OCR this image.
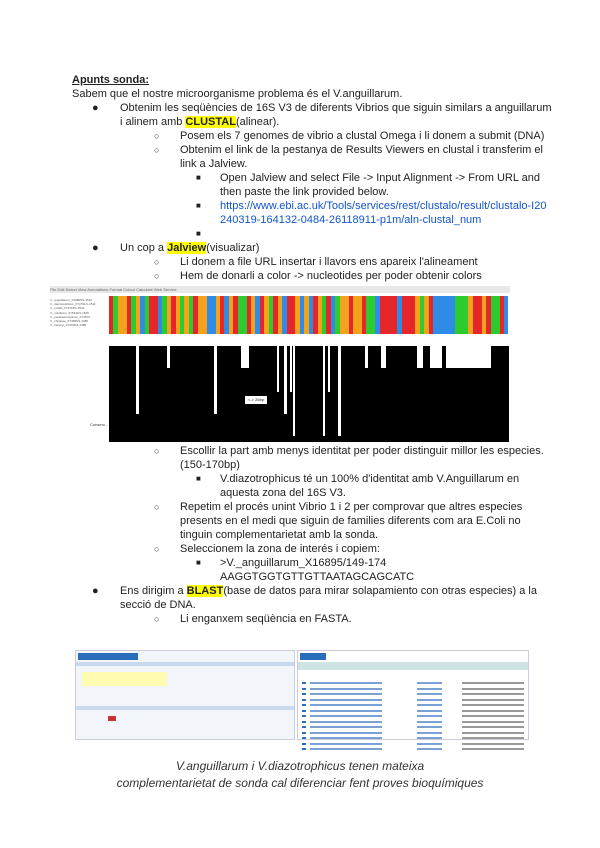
Apunts sonda:
Sabem que el nostre microorganisme problema és el V.anguillarum.
● Obtenim les seqüències de 16S V3 de diferents Vibrios que siguin similars a anguillarum i alinem amb CLUSTAL(alinear).
○ Posem els 7 genomes de vibrio a clustal Omega i li donem a submit (DNA)
○ Obtenim el link de la pestanya de Results Viewers en clustal i transferim el link a Jalview.
■ Open Jalview and select File -> Input Alignment -> From URL and then paste the link provided below.
■ https://www.ebi.ac.uk/Tools/services/rest/clustalo/result/clustalo-I20240319-164132-0484-26118911-p1m/aln-clustal_num
■

● Un cop a Jalview(visualizar)
○ Li donem a file URL insertar i llavors ens apareix l'alineament
○ Hem de donarli a color -> nucleotides per poder obtenir colors
File Edit Select View Annotations Format Colour Calculate Web Service
V._anguillarum_X16895/1-1532
V._diazotrophicus_X74701/1-1511
V._ordalii_X74718/1-1531
V._vulnificus_X76333/1-1545
V._parahaemolyticus_X74720
V._cholerae_X74695/1-1485
V._harveyi_X74706/1-1485
<-> 26bp
Conserv...
○ Escollir la part amb menys identitat per poder distinguir millor les especies. (150-170bp)
■ V.diazotrophicus té un 100% d'identitat amb V.Anguillarum en aquesta zona del 16S V3.
○ Repetim el procés unint Vibrio 1 i 2 per comprovar que altres especies presents en el medi que siguin de families diferents com ara E.Coli no tinguin complementarietat amb la sonda.
○ Seleccionem la zona de interés i copiem:
■ >V._anguillarum_X16895/149-174
AAGGTGGTGTTGTTAATAGCAGCATC
● Ens dirigim a BLAST(base de datos para mirar solapamiento con otras especies) a la secció de DNA.
○ Li enganxem seqüència en FASTA.
V.anguillarum i V.diazotrophicus tenen mateixa
complementarietat de sonda cal diferenciar fent proves bioquímiques
